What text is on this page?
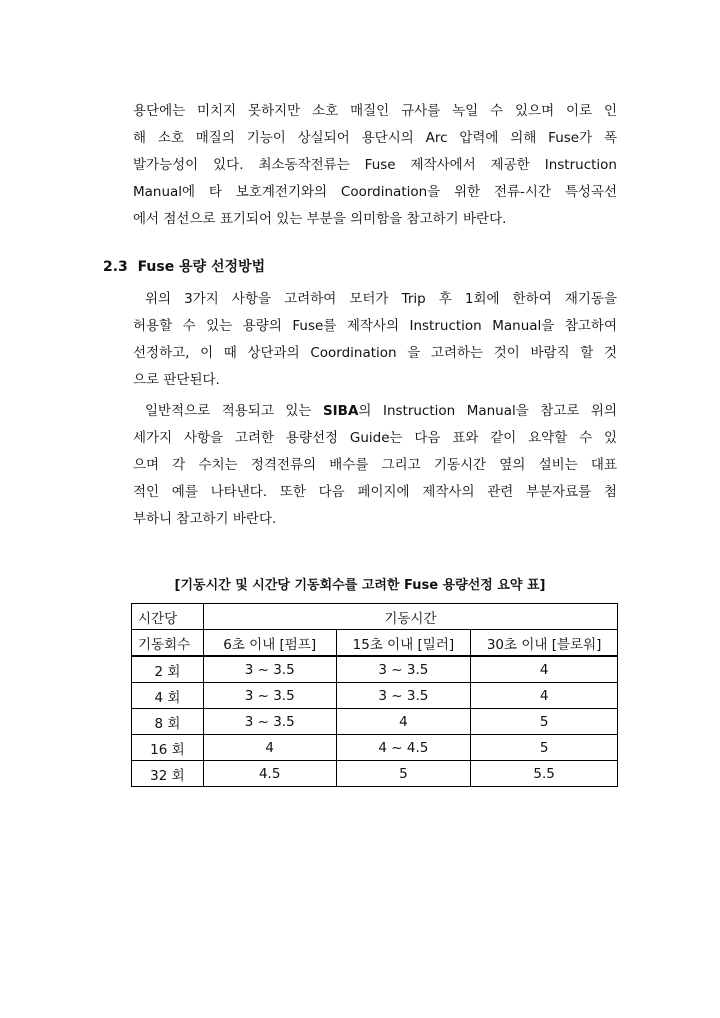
용단에는 미치지 못하지만 소호 매질인 규사를 녹일 수 있으며 이로 인
해 소호 매질의 기능이 상실되어 용단시의 Arc 압력에 의해 Fuse가 폭
발가능성이 있다. 최소동작전류는 Fuse 제작사에서 제공한 Instruction
Manual에 타 보호계전기와의 Coordination을 위한 전류-시간 특성곡선
에서 점선으로 표기되어 있는 부분을 의미함을 참고하기 바란다.
2.3 Fuse 용량 선정방법
위의 3가지 사항을 고려하여 모터가 Trip 후 1회에 한하여 재기동을
허용할 수 있는 용량의 Fuse를 제작사의 Instruction Manual을 참고하여
선정하고, 이 때 상단과의 Coordination 을 고려하는 것이 바람직 할 것
으로 판단된다.
일반적으로 적용되고 있는 SIBA의 Instruction Manual을 참고로 위의
세가지 사항을 고려한 용량선정 Guide는 다음 표와 같이 요약할 수 있
으며 각 수치는 정격전류의 배수를 그리고 기동시간 옆의 설비는 대표
적인 예를 나타낸다. 또한 다음 페이지에 제작사의 관련 부분자료를 첨
부하니 참고하기 바란다.

[기동시간 및 시간당 기동회수를 고려한 Fuse 용량선정 요약 표]

시간당	기동시간		
기동회수	6초 이내 [펌프]	15초 이내 [밀러]	30초 이내 [블로워]
2 회	3 ~ 3.5	3 ~ 3.5	4
4 회	3 ~ 3.5	3 ~ 3.5	4
8 회	3 ~ 3.5	4	5
16 회	4	4 ~ 4.5	5
32 회	4.5	5	5.5
